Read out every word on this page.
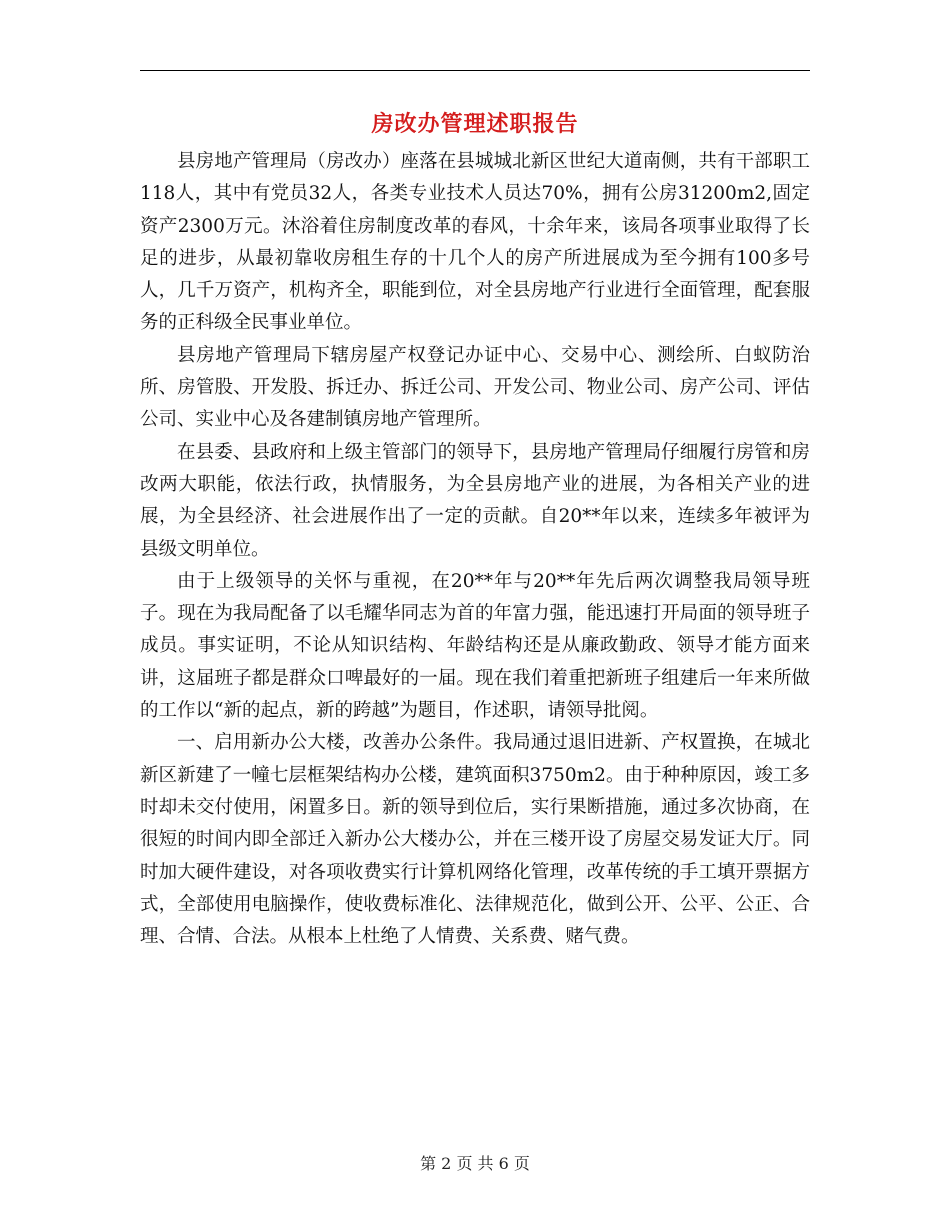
房改办管理述职报告

县房地产管理局（房改办）座落在县城城北新区世纪大道南侧，共有干部职工118人，其中有党员32人，各类专业技术人员达70%，拥有公房31200m2,固定资产2300万元。沐浴着住房制度改革的春风，十余年来，该局各项事业取得了长足的进步，从最初靠收房租生存的十几个人的房产所进展成为至今拥有100多号人，几千万资产，机构齐全，职能到位，对全县房地产行业进行全面管理，配套服务的正科级全民事业单位。

县房地产管理局下辖房屋产权登记办证中心、交易中心、测绘所、白蚁防治所、房管股、开发股、拆迁办、拆迁公司、开发公司、物业公司、房产公司、评估公司、实业中心及各建制镇房地产管理所。

在县委、县政府和上级主管部门的领导下，县房地产管理局仔细履行房管和房改两大职能，依法行政，执情服务，为全县房地产业的进展，为各相关产业的进展，为全县经济、社会进展作出了一定的贡献。自20**年以来，连续多年被评为县级文明单位。

由于上级领导的关怀与重视，在20**年与20**年先后两次调整我局领导班子。现在为我局配备了以毛耀华同志为首的年富力强，能迅速打开局面的领导班子成员。事实证明，不论从知识结构、年龄结构还是从廉政勤政、领导才能方面来讲，这届班子都是群众口啤最好的一届。现在我们着重把新班子组建后一年来所做的工作以“新的起点，新的跨越”为题目，作述职，请领导批阅。

一、启用新办公大楼，改善办公条件。我局通过退旧进新、产权置换，在城北新区新建了一幢七层框架结构办公楼，建筑面积3750m2。由于种种原因，竣工多时却未交付使用，闲置多日。新的领导到位后，实行果断措施，通过多次协商，在很短的时间内即全部迁入新办公大楼办公，并在三楼开设了房屋交易发证大厅。同时加大硬件建设，对各项收费实行计算机网络化管理，改革传统的手工填开票据方式，全部使用电脑操作，使收费标准化、法律规范化，做到公开、公平、公正、合理、合情、合法。从根本上杜绝了人情费、关系费、赌气费。

第 2 页 共 6 页
